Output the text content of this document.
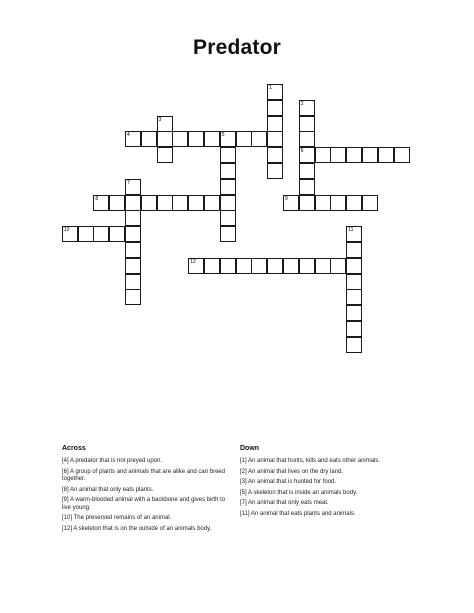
Predator
1
2
6
3
4	5
7
8	9
10	11
12
Across
[4] A predator that is not preyed upon.
[6] A group of plants and animals that are alike and can breed together.
[8] An animal that only eats plants.
[9] A warm-blooded animal with a backbone and gives birth to live young.
[10] The preserved remains of an animal.
[12] A skeleton that is on the outside of an animals body.
Down
[1] An animal that hunts, kills and eats other animals.
[2] An animal that lives on the dry land.
[3] An animal that is hunted for food.
[5] A skeleton that is inside an animals body.
[7] An animal that only eats meat.
[11] An animal that eats plants and animals.
